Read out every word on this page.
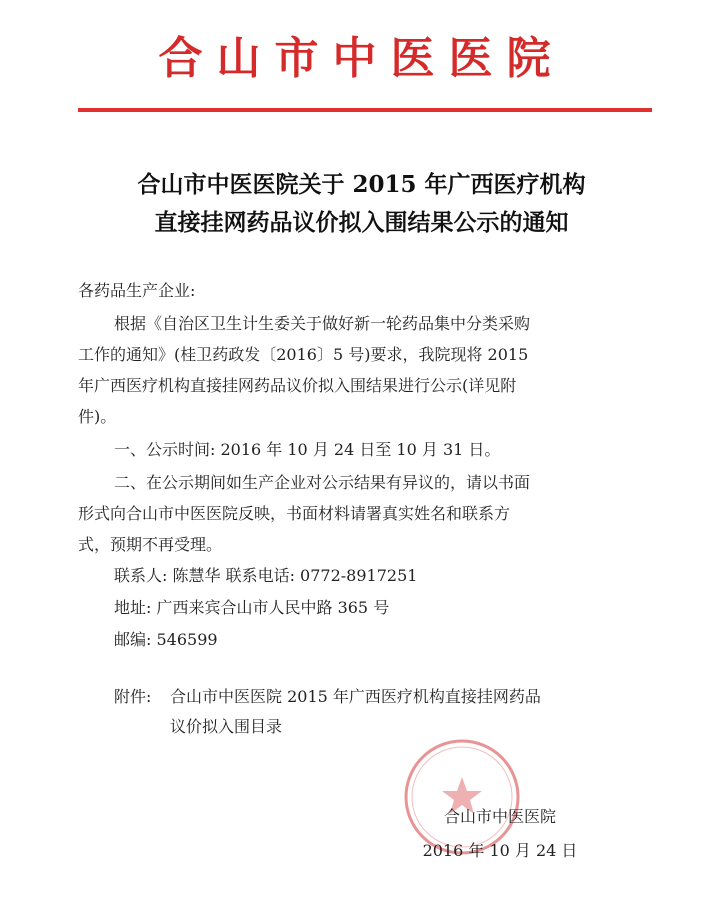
合山市中医医院
合山市中医医院关于 2015 年广西医疗机构
直接挂网药品议价拟入围结果公示的通知
各药品生产企业:
根据《自治区卫生计生委关于做好新一轮药品集中分类采购
工作的通知》(桂卫药政发〔2016〕5 号)要求，我院现将 2015
年广西医疗机构直接挂网药品议价拟入围结果进行公示(详见附
件)。
一、公示时间: 2016 年 10 月 24 日至 10 月 31 日。
二、在公示期间如生产企业对公示结果有异议的，请以书面
形式向合山市中医医院反映，书面材料请署真实姓名和联系方
式，预期不再受理。
联系人: 陈慧华 联系电话: 0772-8917251
地址: 广西来宾合山市人民中路 365 号
邮编: 546599
附件:	合山市中医医院 2015 年广西医疗机构直接挂网药品
议价拟入围目录
合山市中医医院
2016 年 10 月 24 日
